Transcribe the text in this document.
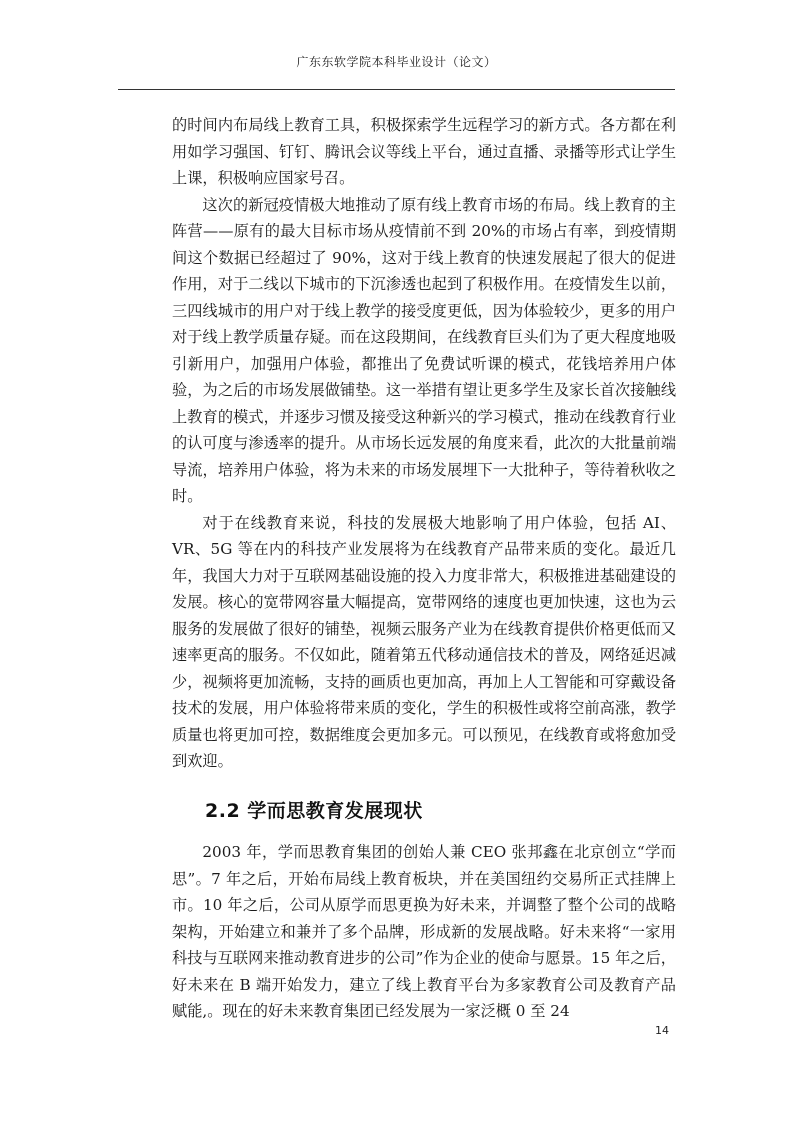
广东东软学院本科毕业设计（论文）

的时间内布局线上教育工具，积极探索学生远程学习的新方式。各方都在利用如学习强国、钉钉、腾讯会议等线上平台，通过直播、录播等形式让学生上课，积极响应国家号召。

这次的新冠疫情极大地推动了原有线上教育市场的布局。线上教育的主阵营——原有的最大目标市场从疫情前不到 20%的市场占有率，到疫情期间这个数据已经超过了 90%，这对于线上教育的快速发展起了很大的促进作用，对于二线以下城市的下沉渗透也起到了积极作用。在疫情发生以前，三四线城市的用户对于线上教学的接受度更低，因为体验较少，更多的用户对于线上教学质量存疑。而在这段期间，在线教育巨头们为了更大程度地吸引新用户，加强用户体验，都推出了免费试听课的模式，花钱培养用户体验，为之后的市场发展做铺垫。这一举措有望让更多学生及家长首次接触线上教育的模式，并逐步习惯及接受这种新兴的学习模式，推动在线教育行业的认可度与渗透率的提升。从市场长远发展的角度来看，此次的大批量前端导流，培养用户体验，将为未来的市场发展埋下一大批种子，等待着秋收之时。

对于在线教育来说，科技的发展极大地影响了用户体验，包括 AI、VR、5G 等在内的科技产业发展将为在线教育产品带来质的变化。最近几年，我国大力对于互联网基础设施的投入力度非常大，积极推进基础建设的发展。核心的宽带网容量大幅提高，宽带网络的速度也更加快速，这也为云服务的发展做了很好的铺垫，视频云服务产业为在线教育提供价格更低而又速率更高的服务。不仅如此，随着第五代移动通信技术的普及，网络延迟减少，视频将更加流畅，支持的画质也更加高，再加上人工智能和可穿戴设备技术的发展，用户体验将带来质的变化，学生的积极性或将空前高涨，教学质量也将更加可控，数据维度会更加多元。可以预见，在线教育或将愈加受到欢迎。

2.2 学而思教育发展现状

2003 年，学而思教育集团的创始人兼 CEO 张邦鑫在北京创立“学而思”。7 年之后，开始布局线上教育板块，并在美国纽约交易所正式挂牌上市。10 年之后，公司从原学而思更换为好未来，并调整了整个公司的战略架构，开始建立和兼并了多个品牌，形成新的发展战略。好未来将“一家用科技与互联网来推动教育进步的公司”作为企业的使命与愿景。15 年之后，好未来在 B 端开始发力，建立了线上教育平台为多家教育公司及教育产品赋能,。现在的好未来教育集团已经发展为一家泛概 0 至 24

14
